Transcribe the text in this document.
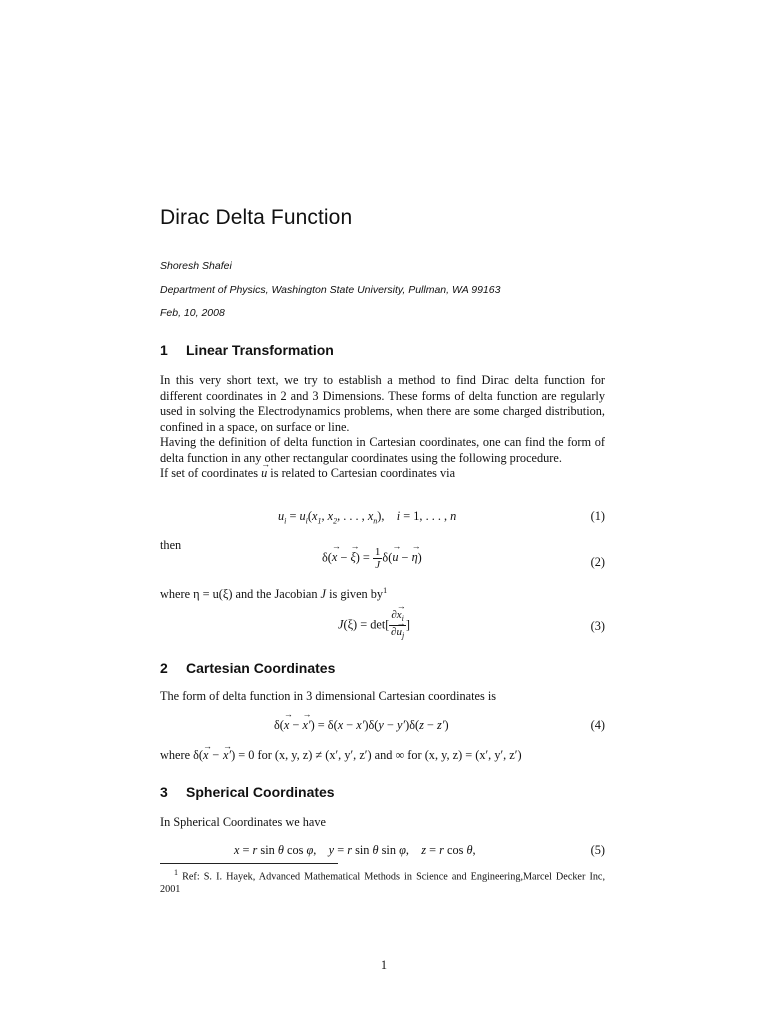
Dirac Delta Function

Shoresh Shafei

Department of Physics, Washington State University, Pullman, WA 99163

Feb, 10, 2008

1 Linear Transformation

In this very short text, we try to establish a method to find Dirac delta function for different coordinates in 2 and 3 Dimensions. These forms of delta function are regularly used in solving the Electrodynamics problems, when there are some charged distribution, confined in a space, on surface or line.

Having the definition of delta function in Cartesian coordinates, one can find the form of delta function in any other rectangular coordinates using the following procedure.

If set of coordinates → u is related to Cartesian coordinates via

$u_i = u_i(x_1$, $x_2$, . . . , $x_n$),    i = 1, . . . , n	(1)

then

δ(→ x − → $\xi) = \frac{1}{J} \delta(\to u$ − → η)	(2)

where η = u(ξ) and the Jacobian J is given $by^1$

$J(\xi) = \det[ \frac{\partial\to x_i}{\partial\to u_j}$ ]	(3)
2 Cartesian Coordinates

The form of delta function in 3 dimensional Cartesian coordinates is

δ(→ x − → x′) = δ(x − x′)δ(y − y′)δ(z − z′)	(4)

where δ(→ x − → x′) = 0 for (x, y, z) ≠ (x′, y′, z′) and ∞ for (x, y, z) = (x′, y′, z′)

3 Spherical Coordinates

In Spherical Coordinates we have

x = r sin θ cos φ,    y = r sin θ sin φ,    z = r cos θ,	(5)

$^1$ Ref: S. I. Hayek, Advanced Mathematical Methods in Science and Engineering,Marcel Decker Inc, 2001

1
